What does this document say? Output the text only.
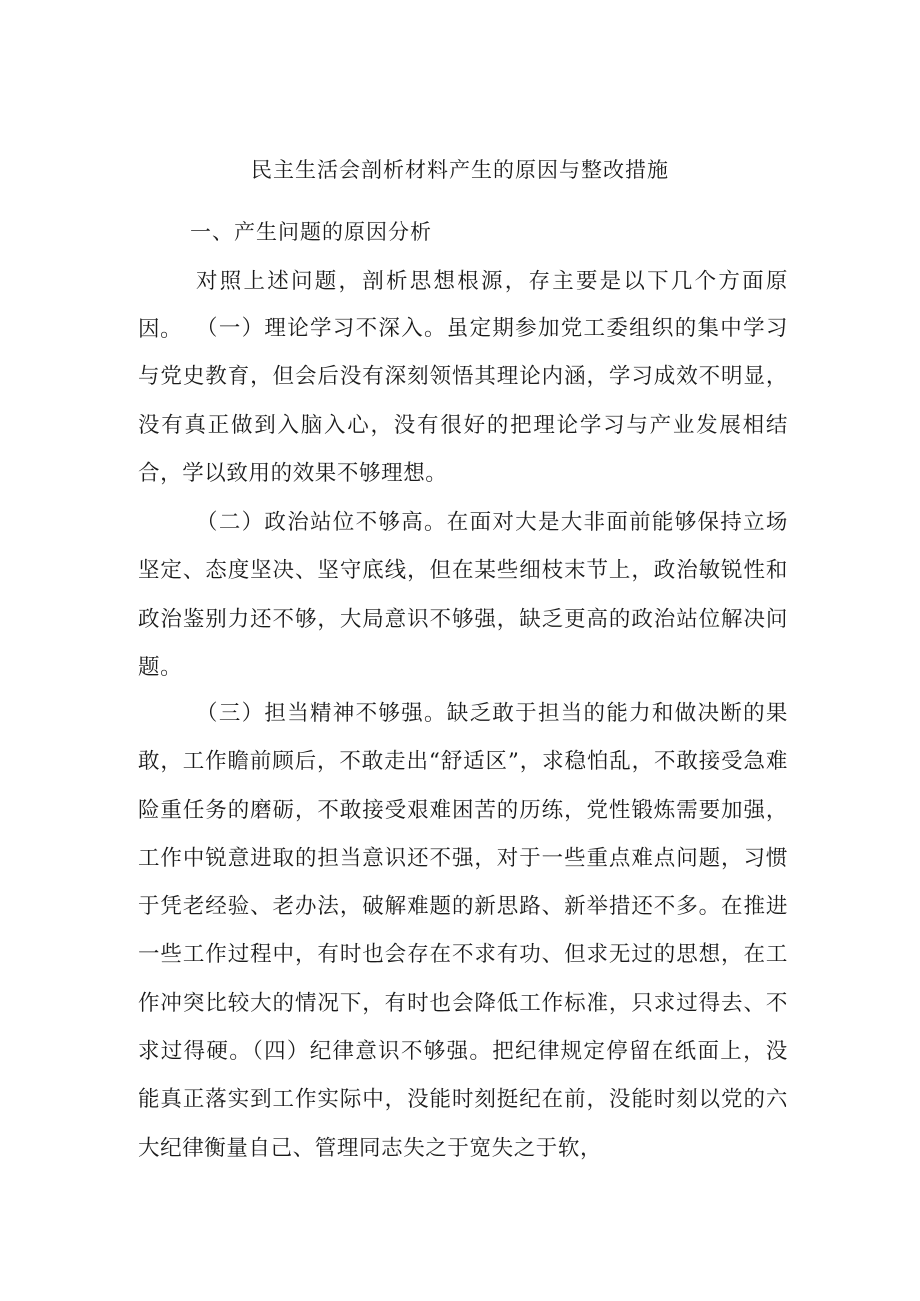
民主生活会剖析材料产生的原因与整改措施
一、产生问题的原因分析

对照上述问题，剖析思想根源，存主要是以下几个方面原因。 （一）理论学习不深入。虽定期参加党工委组织的集中学习与党史教育，但会后没有深刻领悟其理论内涵，学习成效不明显，没有真正做到入脑入心，没有很好的把理论学习与产业发展相结合，学以致用的效果不够理想。

（二）政治站位不够高。在面对大是大非面前能够保持立场坚定、态度坚决、坚守底线，但在某些细枝末节上，政治敏锐性和政治鉴别力还不够，大局意识不够强，缺乏更高的政治站位解决问题。

（三）担当精神不够强。缺乏敢于担当的能力和做决断的果敢，工作瞻前顾后，不敢走出“舒适区”，求稳怕乱，不敢接受急难险重任务的磨砺，不敢接受艰难困苦的历练，党性锻炼需要加强，工作中锐意进取的担当意识还不强，对于一些重点难点问题，习惯于凭老经验、老办法，破解难题的新思路、新举措还不多。在推进一些工作过程中，有时也会存在不求有功、但求无过的思想，在工作冲突比较大的情况下，有时也会降低工作标准，只求过得去、不求过得硬。（四）纪律意识不够强。把纪律规定停留在纸面上，没能真正落实到工作实际中，没能时刻挺纪在前，没能时刻以党的六大纪律衡量自己、管理同志失之于宽失之于软，
